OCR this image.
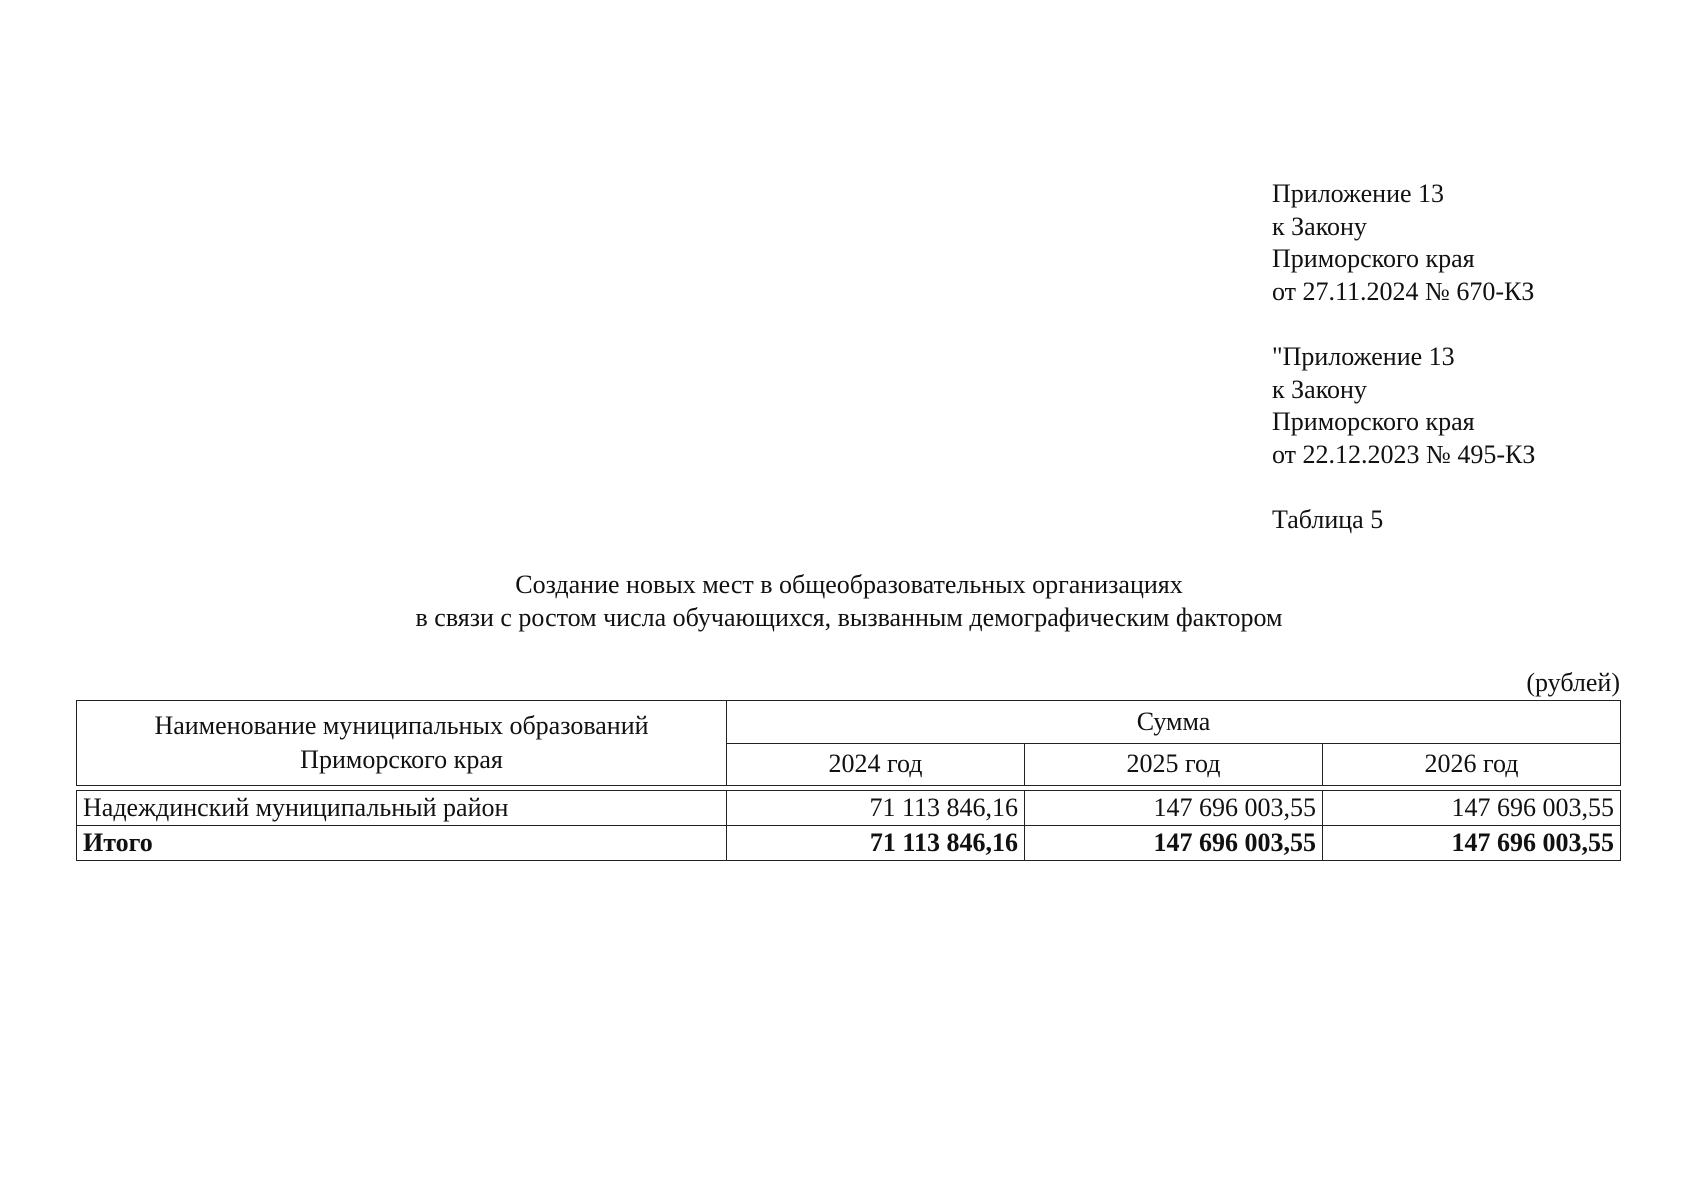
Приложение 13
к Закону
Приморского края
от 27.11.2024 № 670-КЗ
"Приложение 13
к Закону
Приморского края
от 22.12.2023 № 495-КЗ
Таблица 5
Создание новых мест в общеобразовательных организациях
в связи с ростом числа обучающихся, вызванным демографическим фактором
(рублей)
Наименование муниципальных образований Приморского края	Сумма		
	2024 год	2025 год	2026 год

Надеждинский муниципальный район	71 113 846,16	147 696 003,55	147 696 003,55
Итого	71 113 846,16	147 696 003,55	147 696 003,55
